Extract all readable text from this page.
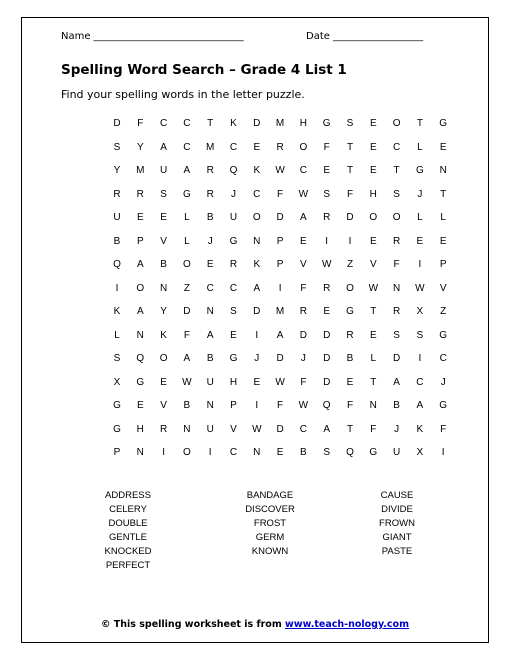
Name ______________________________	Date __________________
Spelling Word Search – Grade 4 List 1
Find your spelling words in the letter puzzle.
D	F	C	C	T	K	D	M	H	G	S	E	O	T	G
S	Y	A	C	M	C	E	R	O	F	T	E	C	L	E
Y	M	U	A	R	Q	K	W	C	E	T	E	T	G	N
R	R	S	G	R	J	C	F	W	S	F	H	S	J	T
U	E	E	L	B	U	O	D	A	R	D	O	O	L	L
B	P	V	L	J	G	N	P	E	I	I	E	R	E	E
Q	A	B	O	E	R	K	P	V	W	Z	V	F	I	P
I	O	N	Z	C	C	A	I	F	R	O	W	N	W	V
K	A	Y	D	N	S	D	M	R	E	G	T	R	X	Z
L	N	K	F	A	E	I	A	D	D	R	E	S	S	G
S	Q	O	A	B	G	J	D	J	D	B	L	D	I	C
X	G	E	W	U	H	E	W	F	D	E	T	A	C	J
G	E	V	B	N	P	I	F	W	Q	F	N	B	A	G
G	H	R	N	U	V	W	D	C	A	T	F	J	K	F
P	N	I	O	I	C	N	E	B	S	Q	G	U	X	I
ADDRESS
CELERY
DOUBLE
GENTLE
KNOCKED
PERFECT
BANDAGE
DISCOVER
FROST
GERM
KNOWN
CAUSE
DIVIDE
FROWN
GIANT
PASTE
© This spelling worksheet is from www.teach-nology.com
